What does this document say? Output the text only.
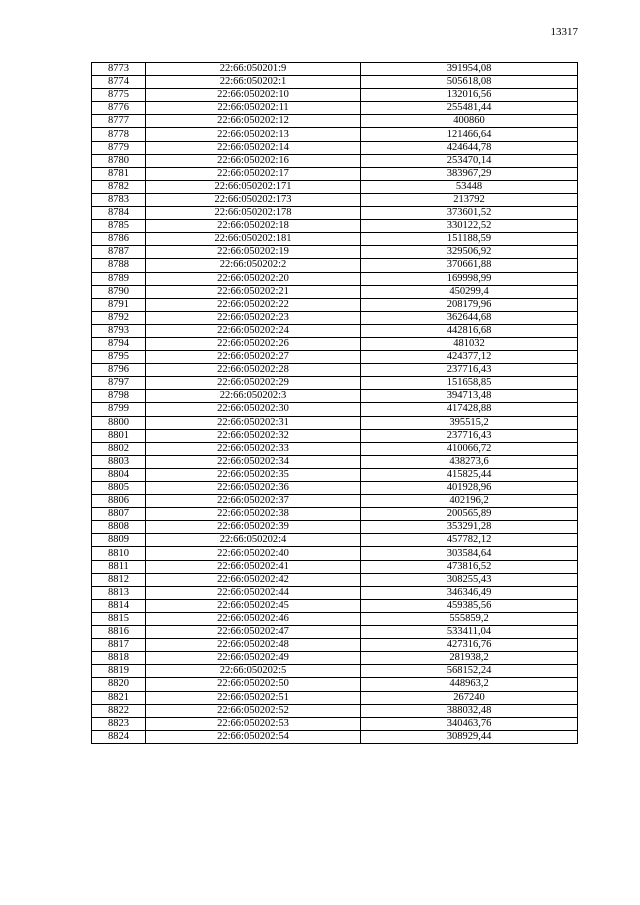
13317
8773	22:66:050201:9	391954,08
8774	22:66:050202:1	505618,08
8775	22:66:050202:10	132016,56
8776	22:66:050202:11	255481,44
8777	22:66:050202:12	400860
8778	22:66:050202:13	121466,64
8779	22:66:050202:14	424644,78
8780	22:66:050202:16	253470,14
8781	22:66:050202:17	383967,29
8782	22:66:050202:171	53448
8783	22:66:050202:173	213792
8784	22:66:050202:178	373601,52
8785	22:66:050202:18	330122,52
8786	22:66:050202:181	151188,59
8787	22:66:050202:19	329506,92
8788	22:66:050202:2	370661,88
8789	22:66:050202:20	169998,99
8790	22:66:050202:21	450299,4
8791	22:66:050202:22	208179,96
8792	22:66:050202:23	362644,68
8793	22:66:050202:24	442816,68
8794	22:66:050202:26	481032
8795	22:66:050202:27	424377,12
8796	22:66:050202:28	237716,43
8797	22:66:050202:29	151658,85
8798	22:66:050202:3	394713,48
8799	22:66:050202:30	417428,88
8800	22:66:050202:31	395515,2
8801	22:66:050202:32	237716,43
8802	22:66:050202:33	410066,72
8803	22:66:050202:34	438273,6
8804	22:66:050202:35	415825,44
8805	22:66:050202:36	401928,96
8806	22:66:050202:37	402196,2
8807	22:66:050202:38	200565,89
8808	22:66:050202:39	353291,28
8809	22:66:050202:4	457782,12
8810	22:66:050202:40	303584,64
8811	22:66:050202:41	473816,52
8812	22:66:050202:42	308255,43
8813	22:66:050202:44	346346,49
8814	22:66:050202:45	459385,56
8815	22:66:050202:46	555859,2
8816	22:66:050202:47	533411,04
8817	22:66:050202:48	427316,76
8818	22:66:050202:49	281938,2
8819	22:66:050202:5	568152,24
8820	22:66:050202:50	448963,2
8821	22:66:050202:51	267240
8822	22:66:050202:52	388032,48
8823	22:66:050202:53	340463,76
8824	22:66:050202:54	308929,44
